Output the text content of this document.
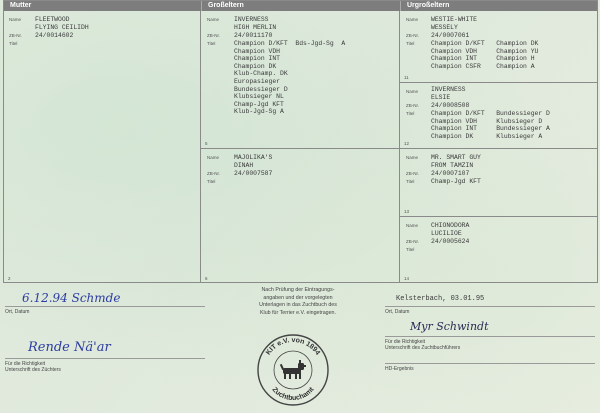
Mutter	Großeltern	Urgroßeltern
Name FLEETWOOD
FLYING CEILIDH
ZB-Nr. 24/0014602
Titel
2
Name INVERNESS
HIGH MERLIN
ZB-Nr. 24/0011170
Titel	Champion D/KFT  Bds-Jgd-Sg  A
Champion VDH
Champion INT
Champion DK
Klub-Champ. DK
Europasieger
Bundessieger D
Klubsieger NL
Champ-Jgd KFT
Klub-Jgd-Sg A
5
Name MAJOLIKA'S
DINAH
ZB-Nr. 24/0007587
Titel
6
Name WESTIE-WHITE
WESSELY
ZB-Nr. 24/0007061
Titel	Champion D/KFT   Champion DK
Champion VDH     Champion YU
Champion INT     Champion H
Champion CSFR    Champion A
11
Name INVERNESS
ELSIE
ZB-Nr. 24/0008508
Titel	Champion D/KFT   Bundessieger D
Champion VDH     Klubsieger D
Champion INT     Bundessieger A
Champion DK      Klubsieger A
12
Name MR. SMART GUY
FROM TAMZIN
ZB-Nr. 24/0007107
Titel	Champ-Jgd KFT
13
Name CHIONODORA
LUCILIOE
ZB-Nr. 24/0005624
Titel
14
6.12.94 Schmde
Ort, Datum
Rende Nä'ar
Für die Richtigkeit
Unterschrift des Züchters
Nach Prüfung der Eintragungs-
angaben und der vorgelegten
Unterlagen in das Zuchtbuch des
Klub für Terrier e.V. eingetragen.
KIT e.V. von 1894
Zuchtbuchamt
Kelsterbach, 03.01.95
Ort, Datum
Myr Schwindt
Für die Richtigkeit
Unterschrift des Zuchtbuchführers
HD-Ergebnis
